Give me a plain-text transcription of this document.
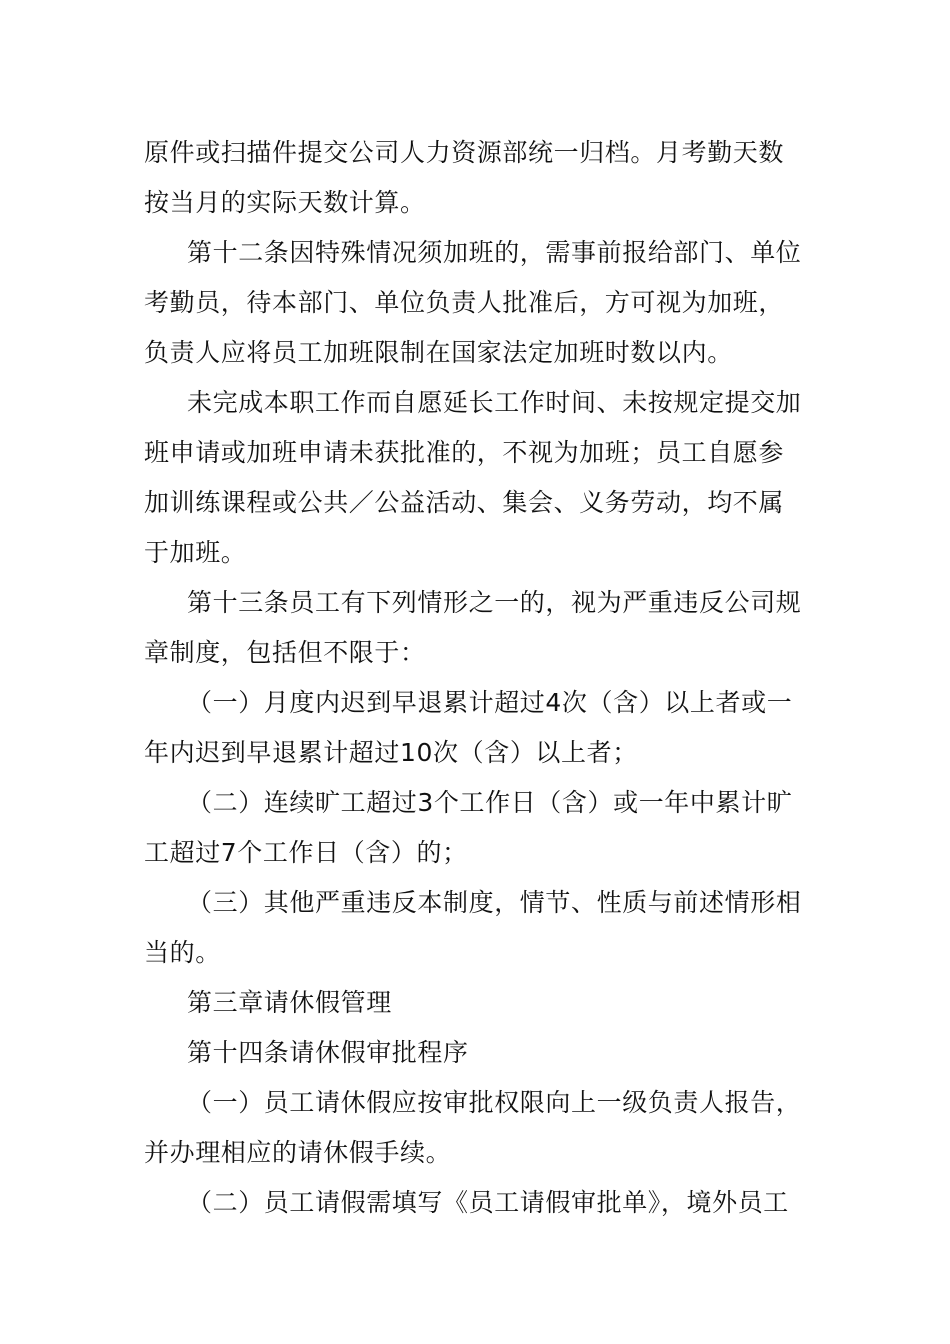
原件或扫描件提交公司人力资源部统一归档。月考勤天数
按当月的实际天数计算。
第十二条因特殊情况须加班的，需事前报给部门、单位
考勤员，待本部门、单位负责人批准后，方可视为加班，
负责人应将员工加班限制在国家法定加班时数以内。
未完成本职工作而自愿延长工作时间、未按规定提交加
班申请或加班申请未获批准的，不视为加班；员工自愿参
加训练课程或公共／公益活动、集会、义务劳动，均不属
于加班。
第十三条员工有下列情形之一的，视为严重违反公司规
章制度，包括但不限于：
（一）月度内迟到早退累计超过4次（含）以上者或一
年内迟到早退累计超过10次（含）以上者；
（二）连续旷工超过3个工作日（含）或一年中累计旷
工超过7个工作日（含）的；
（三）其他严重违反本制度，情节、性质与前述情形相
当的。
第三章请休假管理
第十四条请休假审批程序
（一）员工请休假应按审批权限向上一级负责人报告，
并办理相应的请休假手续。
（二）员工请假需填写《员工请假审批单》，境外员工
